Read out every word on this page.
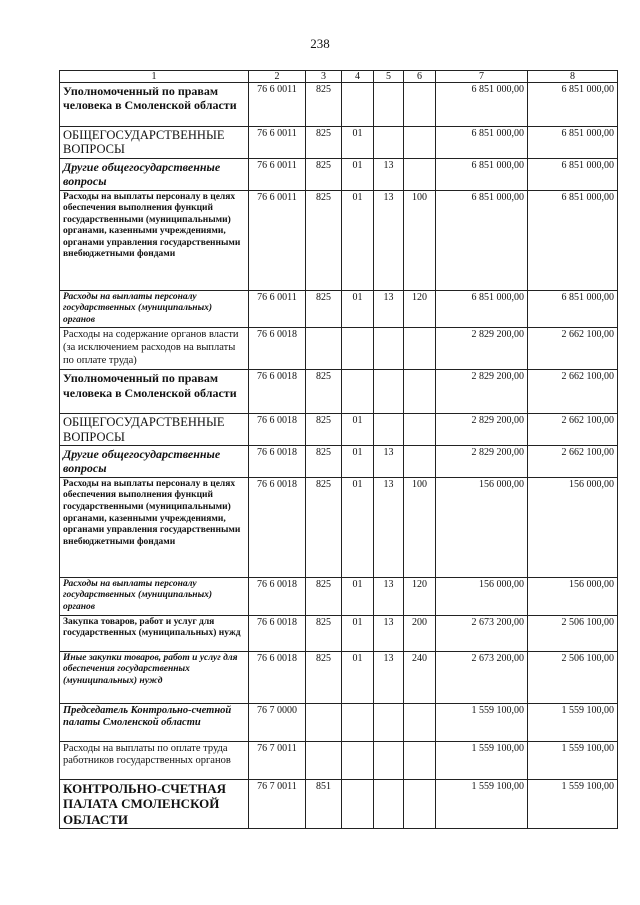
238
1	2	3	4	5	6	7	8
Уполномоченный по правам человека в Смоленской области	76 6 0011	825				6 851 000,00	6 851 000,00
ОБЩЕГОСУДАРСТВЕННЫЕ ВОПРОСЫ	76 6 0011	825	01			6 851 000,00	6 851 000,00
Другие общегосударственные вопросы	76 6 0011	825	01	13		6 851 000,00	6 851 000,00
Расходы на выплаты персоналу в целях обеспечения выполнения функций государственными (муниципальными) органами, казенными учреждениями, органами управления государственными внебюджетными фондами	76 6 0011	825	01	13	100	6 851 000,00	6 851 000,00
Расходы на выплаты персоналу государственных (муниципальных) органов	76 6 0011	825	01	13	120	6 851 000,00	6 851 000,00
Расходы на содержание органов власти (за исключением расходов на выплаты по оплате труда)	76 6 0018					2 829 200,00	2 662 100,00
Уполномоченный по правам человека в Смоленской области	76 6 0018	825				2 829 200,00	2 662 100,00
ОБЩЕГОСУДАРСТВЕННЫЕ ВОПРОСЫ	76 6 0018	825	01			2 829 200,00	2 662 100,00
Другие общегосударственные вопросы	76 6 0018	825	01	13		2 829 200,00	2 662 100,00
Расходы на выплаты персоналу в целях обеспечения выполнения функций государственными (муниципальными) органами, казенными учреждениями, органами управления государственными внебюджетными фондами	76 6 0018	825	01	13	100	156 000,00	156 000,00
Расходы на выплаты персоналу государственных (муниципальных) органов	76 6 0018	825	01	13	120	156 000,00	156 000,00
Закупка товаров, работ и услуг для государственных (муниципальных) нужд	76 6 0018	825	01	13	200	2 673 200,00	2 506 100,00
Иные закупки товаров, работ и услуг для обеспечения государственных (муниципальных) нужд	76 6 0018	825	01	13	240	2 673 200,00	2 506 100,00
Председатель Контрольно-счетной палаты Смоленской области	76 7 0000					1 559 100,00	1 559 100,00
Расходы на выплаты по оплате труда работников государственных органов	76 7 0011					1 559 100,00	1 559 100,00
КОНТРОЛЬНО-СЧЕТНАЯ ПАЛАТА СМОЛЕНСКОЙ ОБЛАСТИ	76 7 0011	851				1 559 100,00	1 559 100,00
